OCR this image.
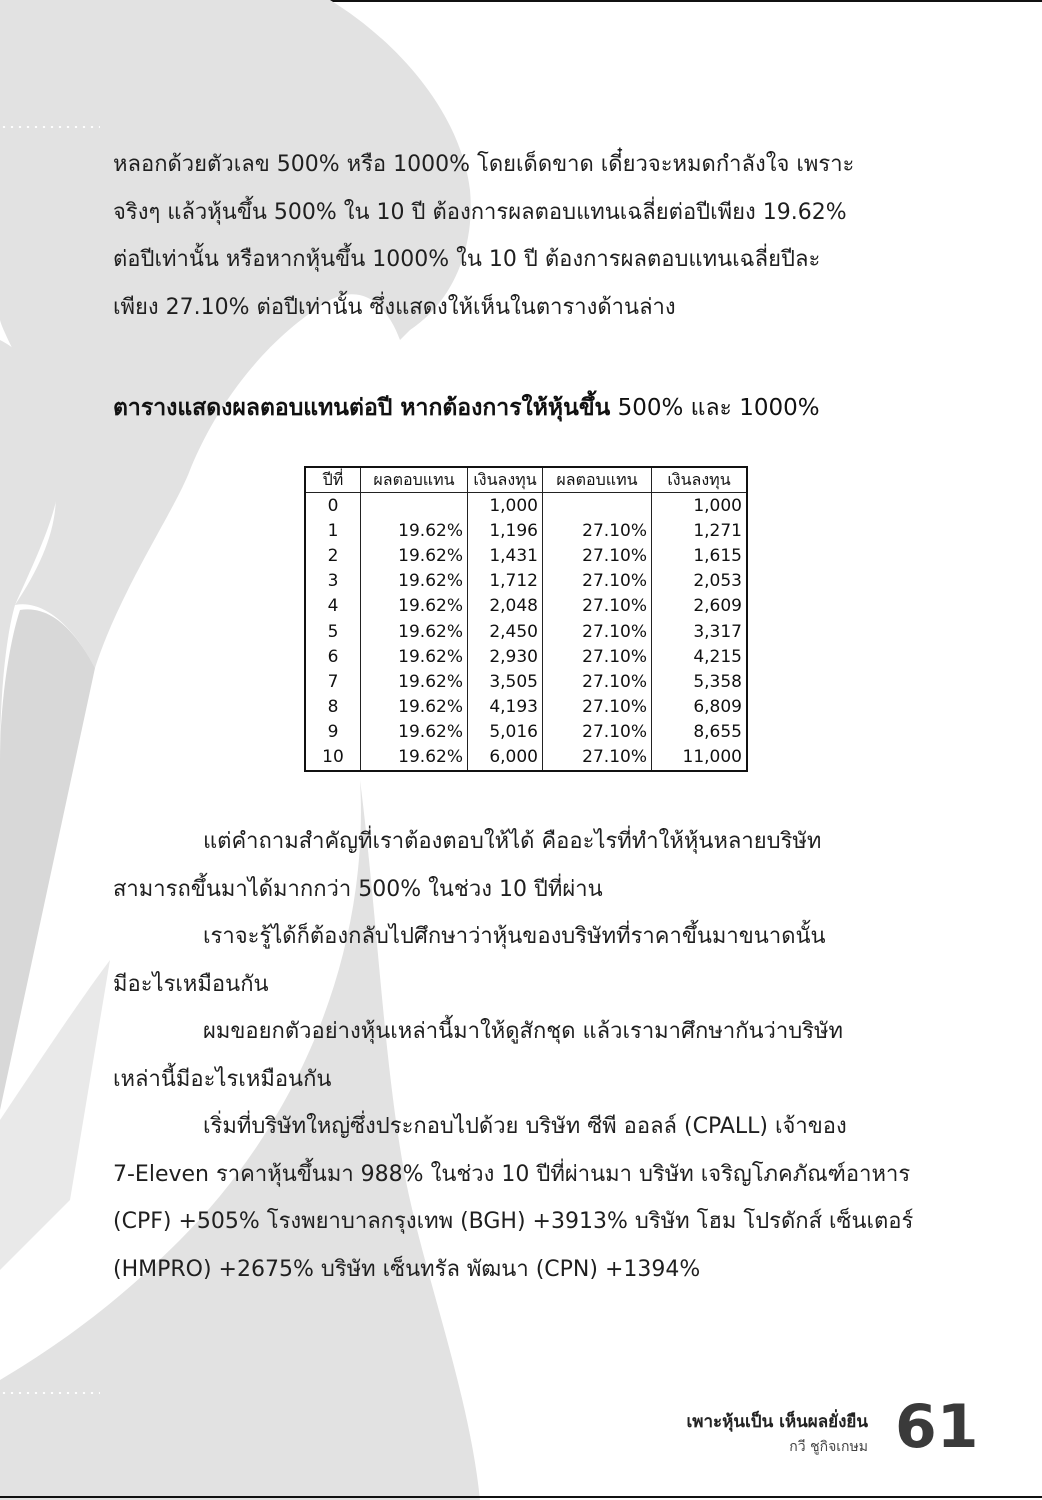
หลอกด้วยตัวเลข 500% หรือ 1000% โดยเด็ดขาด เดี๋ยวจะหมดกำลังใจ เพราะ
จริงๆ แล้วหุ้นขึ้น 500% ใน 10 ปี ต้องการผลตอบแทนเฉลี่ยต่อปีเพียง 19.62%
ต่อปีเท่านั้น หรือหากหุ้นขึ้น 1000% ใน 10 ปี ต้องการผลตอบแทนเฉลี่ยปีละ
เพียง 27.10% ต่อปีเท่านั้น ซึ่งแสดงให้เห็นในตารางด้านล่าง
ตารางแสดงผลตอบแทนต่อปี หากต้องการให้หุ้นขึ้น 500% และ 1000%
ปีที่	ผลตอบแทน	เงินลงทุน	ผลตอบแทน	เงินลงทุน
0		1,000		1,000
1	19.62%	1,196	27.10%	1,271
2	19.62%	1,431	27.10%	1,615
3	19.62%	1,712	27.10%	2,053
4	19.62%	2,048	27.10%	2,609
5	19.62%	2,450	27.10%	3,317
6	19.62%	2,930	27.10%	4,215
7	19.62%	3,505	27.10%	5,358
8	19.62%	4,193	27.10%	6,809
9	19.62%	5,016	27.10%	8,655
10	19.62%	6,000	27.10%	11,000
แต่คำถามสำคัญที่เราต้องตอบให้ได้ คืออะไรที่ทำให้หุ้นหลายบริษัท
สามารถขึ้นมาได้มากกว่า 500% ในช่วง 10 ปีที่ผ่าน
เราจะรู้ได้ก็ต้องกลับไปศึกษาว่าหุ้นของบริษัทที่ราคาขึ้นมาขนาดนั้น
มีอะไรเหมือนกัน
ผมขอยกตัวอย่างหุ้นเหล่านี้มาให้ดูสักชุด แล้วเรามาศึกษากันว่าบริษัท
เหล่านี้มีอะไรเหมือนกัน
เริ่มที่บริษัทใหญ่ซึ่งประกอบไปด้วย บริษัท ซีพี ออลล์ (CPALL) เจ้าของ
7-Eleven ราคาหุ้นขึ้นมา 988% ในช่วง 10 ปีที่ผ่านมา บริษัท เจริญโภคภัณฑ์อาหาร
(CPF) +505% โรงพยาบาลกรุงเทพ (BGH) +3913% บริษัท โฮม โปรดักส์ เซ็นเตอร์
(HMPRO) +2675% บริษัท เซ็นทรัล พัฒนา (CPN) +1394%
เพาะหุ้นเป็น เห็นผลยั่งยืน
กวี ชูกิจเกษม 61
